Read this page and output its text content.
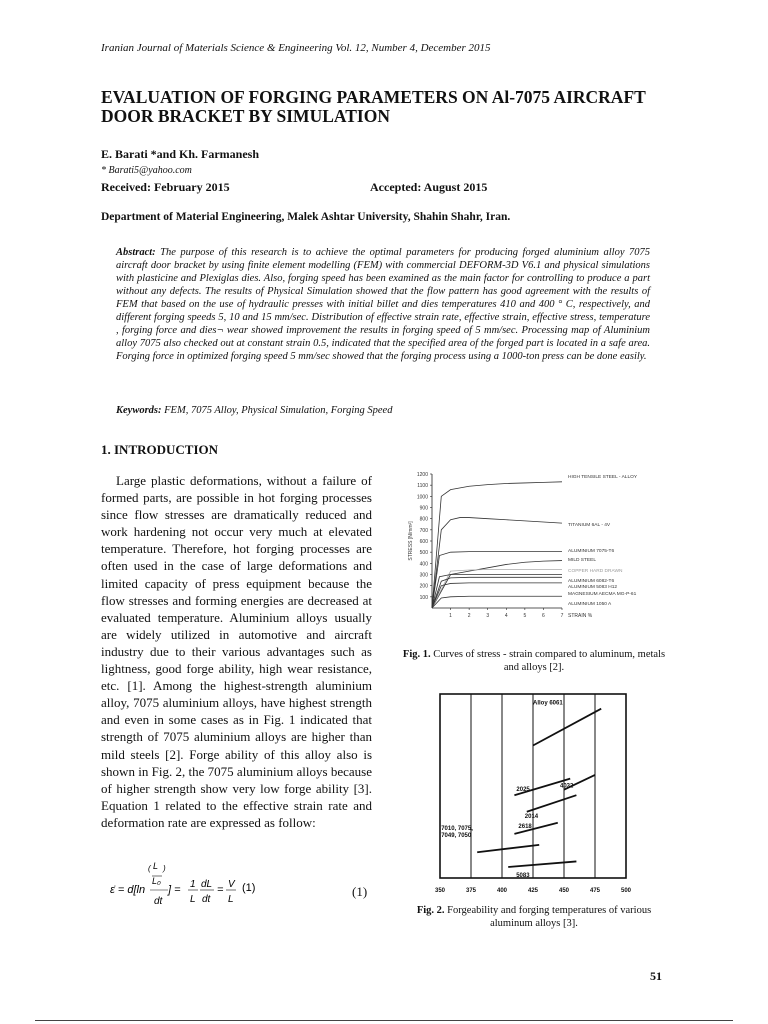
Iranian Journal of Materials Science & Engineering Vol. 12, Number 4, December 2015
EVALUATION OF FORGING PARAMETERS ON Al-7075 AIRCRAFT
DOOR BRACKET BY SIMULATION
E. Barati *and Kh. Farmanesh
* Barati5@yahoo.com
Received: February 2015	Accepted: August 2015
Department of Material Engineering, Malek Ashtar University, Shahin Shahr, Iran.
Abstract: The purpose of this research is to achieve the optimal parameters for producing forged aluminium alloy 7075 aircraft door bracket by using finite element modelling (FEM) with commercial DEFORM-3D V6.1 and physical simulations with plasticine and Plexiglas dies. Also, forging speed has been examined as the main factor for controlling to produce a part without any defects. The results of Physical Simulation showed that the flow pattern has good agreement with the results of FEM that based on the use of hydraulic presses with initial billet and dies temperatures 410 and 400 ° C, respectively, and different forging speeds 5, 10 and 15 mm/sec. Distribution of effective strain rate, effective strain, effective stress, temperature , forging force and dies¬ wear showed improvement the results in forging speed of 5 mm/sec. Processing map of Aluminium alloy 7075 also checked out at constant strain 0.5, indicated that the specified area of the forged part is located in a safe area. Forging force in optimized forging speed 5 mm/sec showed that the forging process using a 1000-ton press can be done easily.
Keywords: FEM, 7075 Alloy, Physical Simulation, Forging Speed
1. INTRODUCTION

Large plastic deformations, without a failure of formed parts, are possible in hot forging processes since flow stresses are dramatically reduced and work hardening not occur very much at elevated temperature. Therefore, hot forging processes are often used in the case of large deformations and limited capacity of press equipment because the flow stresses and forming energies are decreased at evaluated temperature. Aluminium alloys usually are widely utilized in automotive and aircraft industry due to their various advantages such as lightness, good forge ability, high wear resistance, etc. [1]. Among the highest-strength aluminium alloy, 7075 aluminium alloys, have highest strength and even in some cases as in Fig. 1 indicated that strength of 7075 aluminium alloys are higher than mild steels [2]. Forge ability of this alloy also is shown in Fig. 2, the 7075 aluminium alloys because of higher strength show very low forge ability [3]. Equation 1 related to the effective strain rate and deformation rate are expressed as follow:

ε̇ = d[ln
( L )
L₀
dt
] = 1
L
dL
dt
= V
L
(1)	(1)
100
200
300
400
500
600
700
800
900
1000
1100
1200
1	2	3	4	5	6	7 STRAIN %
STRESS [N/mm²]
HIGH TENSILE STEEL - ALLOY
TITANIUM 6AL - 4V
ALUMINIUM 7075-T6
MILD STEEL
COPPER HARD DRAWN
ALUMINIUM 6082-T6
ALUMINIUM 5083 H12
MAGNESIUM AECMA MG-P-61
ALUMINIUM 1050 A
Fig. 1. Curves of stress - strain compared to aluminum, metals and alloys [2].
350	375	400	425	450	475	500
Alloy 6061
2025
4032
2014
2618
7010, 7075, 7049, 7050
5083
Fig. 2. Forgeability and forging temperatures of various aluminum alloys [3].
51
